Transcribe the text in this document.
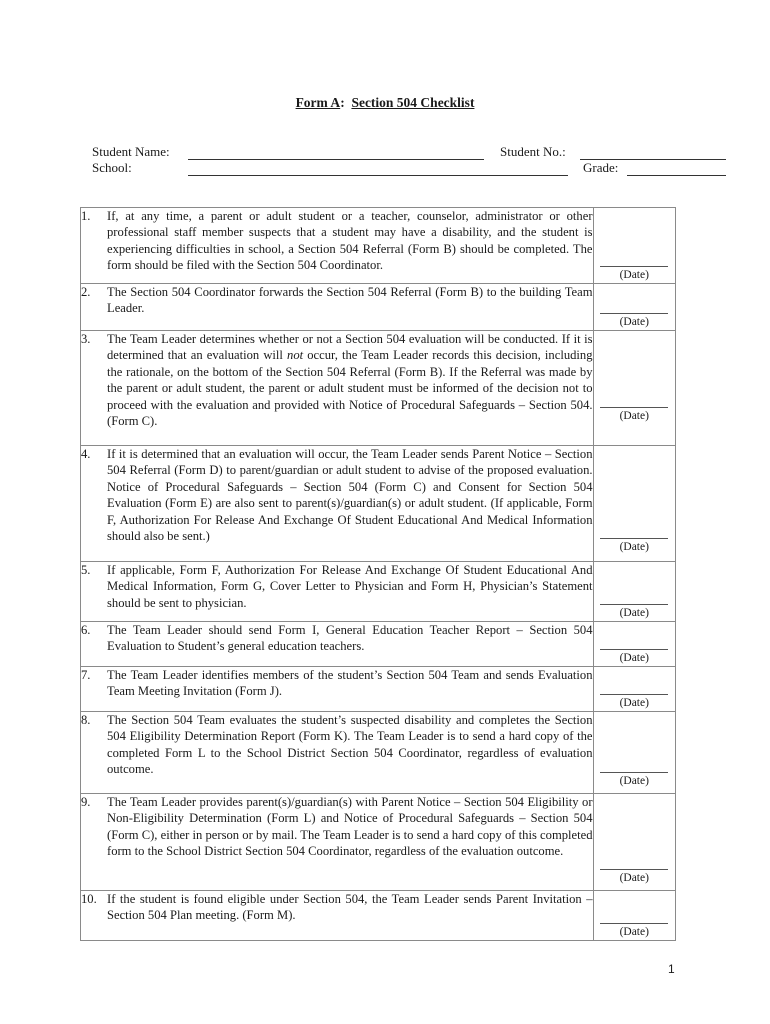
Form A: Section 504 Checklist
Student Name:	Student No.:
School:	Grade:
1. If, at any time, a parent or adult student or a teacher, counselor, administrator or other professional staff member suspects that a student may have a disability, and the student is experiencing difficulties in school, a Section 504 Referral (Form B) should be completed. The form should be filed with the Section 504 Coordinator.	(Date)

2. The Section 504 Coordinator forwards the Section 504 Referral (Form B) to the building Team Leader.	(Date)

3. The Team Leader determines whether or not a Section 504 evaluation will be conducted. If it is determined that an evaluation will not occur, the Team Leader records this decision, including the rationale, on the bottom of the Section 504 Referral (Form B). If the Referral was made by the parent or adult student, the parent or adult student must be informed of the decision not to proceed with the evaluation and provided with Notice of Procedural Safeguards – Section 504. (Form C).	(Date)

4. If it is determined that an evaluation will occur, the Team Leader sends Parent Notice – Section 504 Referral (Form D) to parent/guardian or adult student to advise of the proposed evaluation. Notice of Procedural Safeguards – Section 504 (Form C) and Consent for Section 504 Evaluation (Form E) are also sent to parent(s)/guardian(s) or adult student. (If applicable, Form F, Authorization For Release And Exchange Of Student Educational And Medical Information should also be sent.)	(Date)

5. If applicable, Form F, Authorization For Release And Exchange Of Student Educational And Medical Information, Form G, Cover Letter to Physician and Form H, Physician’s Statement should be sent to physician.	(Date)

6. The Team Leader should send Form I, General Education Teacher Report – Section 504 Evaluation to Student’s general education teachers.	(Date)

7. The Team Leader identifies members of the student’s Section 504 Team and sends Evaluation Team Meeting Invitation (Form J).	(Date)

8. The Section 504 Team evaluates the student’s suspected disability and completes the Section 504 Eligibility Determination Report (Form K). The Team Leader is to send a hard copy of the completed Form L to the School District Section 504 Coordinator, regardless of evaluation outcome.	(Date)

9. The Team Leader provides parent(s)/guardian(s) with Parent Notice – Section 504 Eligibility or Non-Eligibility Determination (Form L) and Notice of Procedural Safeguards – Section 504 (Form C), either in person or by mail. The Team Leader is to send a hard copy of this completed form to the School District Section 504 Coordinator, regardless of the evaluation outcome.	(Date)

10. If the student is found eligible under Section 504, the Team Leader sends Parent Invitation – Section 504 Plan meeting. (Form M).	(Date)
1
